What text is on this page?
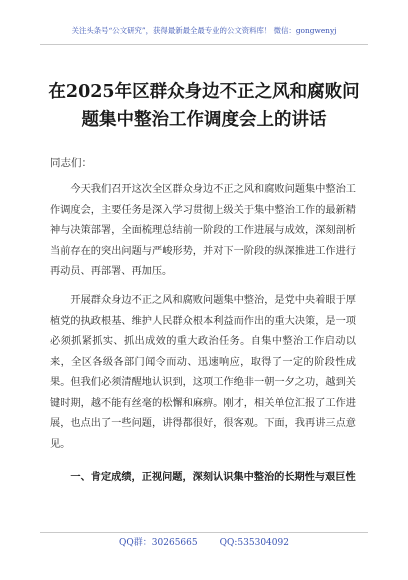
关注头条号“公文研究”，获得最新最全最专业的公文资料库！ 微信：gongwenyj
在2025年区群众身边不正之风和腐败问题集中整治工作调度会上的讲话
同志们：

今天我们召开这次全区群众身边不正之风和腐败问题集中整治工作调度会，主要任务是深入学习贯彻上级关于集中整治工作的最新精神与决策部署，全面梳理总结前一阶段的工作进展与成效，深刻剖析当前存在的突出问题与严峻形势，并对下一阶段的纵深推进工作进行再动员、再部署、再加压。

开展群众身边不正之风和腐败问题集中整治，是党中央着眼于厚植党的执政根基、维护人民群众根本利益而作出的重大决策，是一项必须抓紧抓实、抓出成效的重大政治任务。自集中整治工作启动以来，全区各级各部门闻令而动、迅速响应，取得了一定的阶段性成果。但我们必须清醒地认识到，这项工作绝非一朝一夕之功，越到关键时期，越不能有丝毫的松懈和麻痹。刚才，相关单位汇报了工作进展，也点出了一些问题，讲得都很好，很客观。下面，我再讲三点意见。

一、肯定成绩，正视问题，深刻认识集中整治的长期性与艰巨性

QQ群：30265665 QQ:535304092
